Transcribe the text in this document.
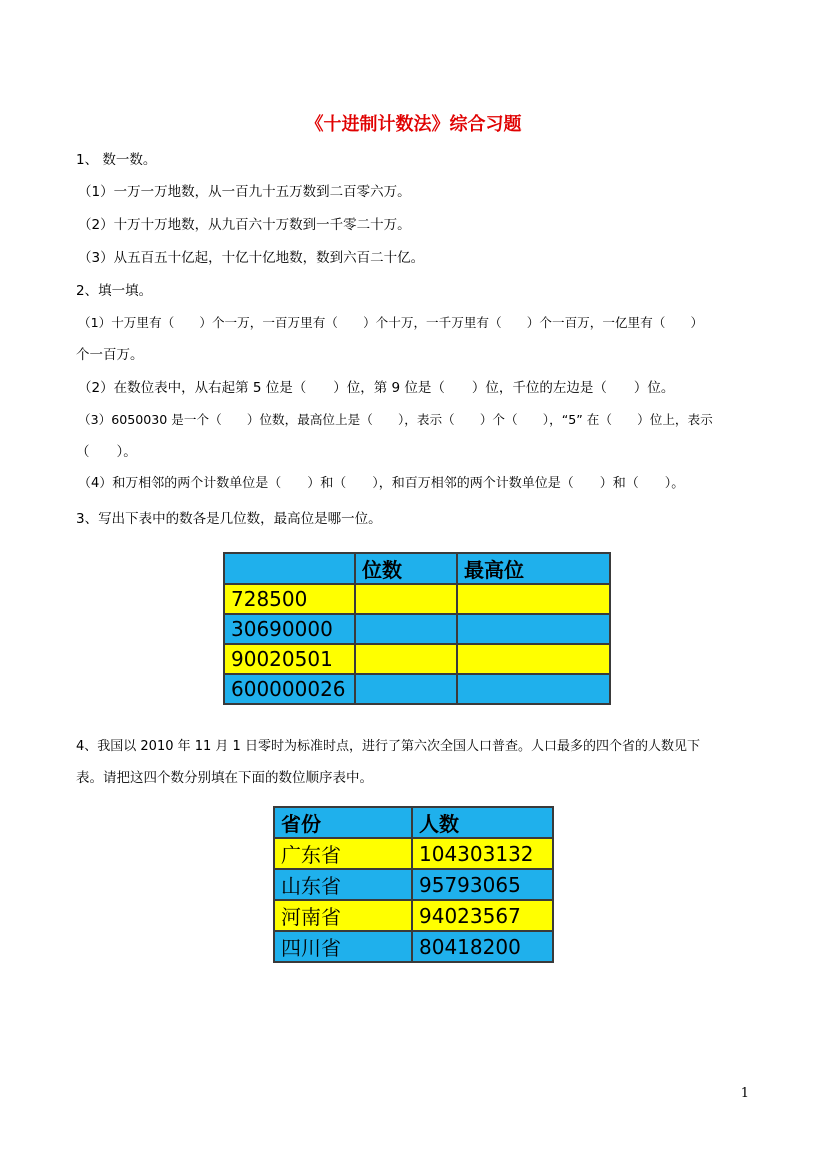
《十进制计数法》综合习题
1、 数一数。
（1）一万一万地数，从一百九十五万数到二百零六万。
（2）十万十万地数，从九百六十万数到一千零二十万。
（3）从五百五十亿起，十亿十亿地数，数到六百二十亿。
2、填一填。
（1）十万里有（　　）个一万，一百万里有（　　）个十万，一千万里有（　　）个一百万，一亿里有（　　）
个一百万。
（2）在数位表中，从右起第 5 位是（　　）位，第 9 位是（　　）位，千位的左边是（　　）位。
（3）6050030 是一个（　　）位数，最高位上是（　　），表示（　　）个（　　），“5” 在（　　）位上，表示
（　　）。
（4）和万相邻的两个计数单位是（　　）和（　　），和百万相邻的两个计数单位是（　　）和（　　）。
3、写出下表中的数各是几位数，最高位是哪一位。
	位数	最高位
728500		
30690000		
90020501		
600000026		
4、我国以 2010 年 11 月 1 日零时为标准时点，进行了第六次全国人口普查。人口最多的四个省的人数见下
表。请把这四个数分别填在下面的数位顺序表中。
省份	人数
广东省	104303132
山东省	95793065
河南省	94023567
四川省	80418200
1
